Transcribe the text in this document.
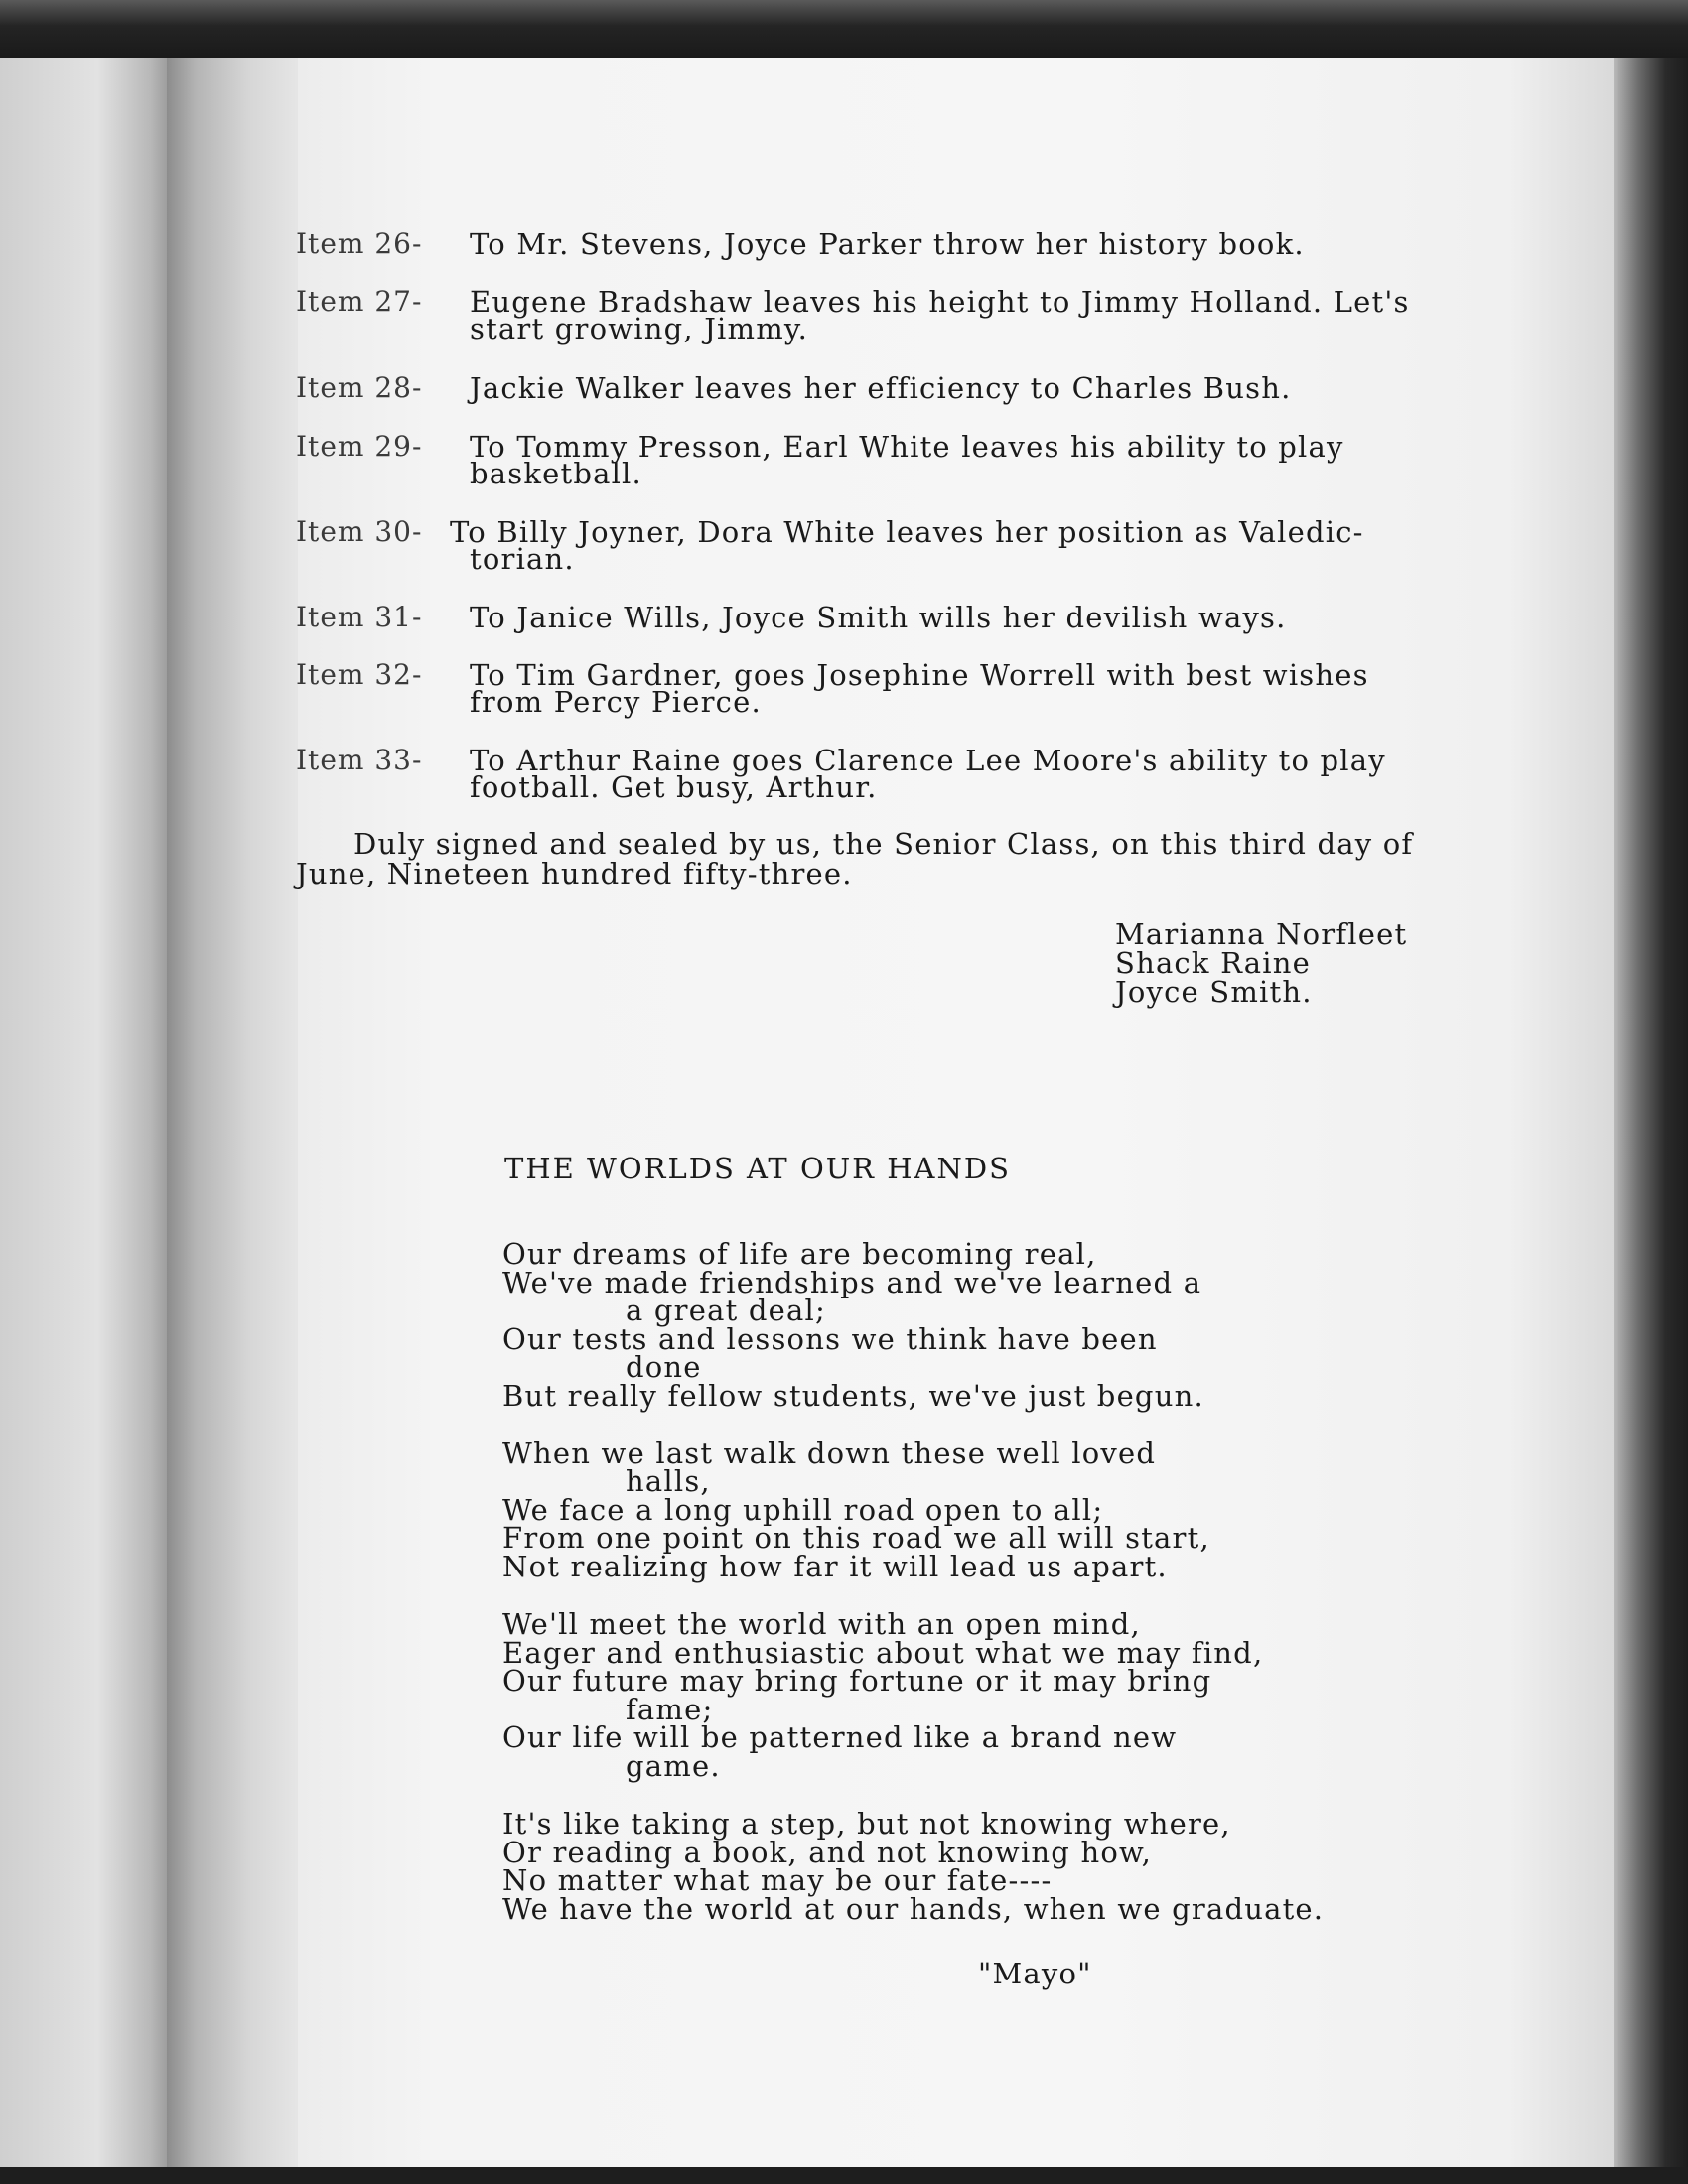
Item 26- To Mr. Stevens, Joyce Parker throw her history book.
Item 27- Eugene Bradshaw leaves his height to Jimmy Holland. Let's
start growing, Jimmy.
Item 28- Jackie Walker leaves her efficiency to Charles Bush.
Item 29- To Tommy Presson, Earl White leaves his ability to play
basketball.
Item 30- To Billy Joyner, Dora White leaves her position as Valedic-
torian.
Item 31- To Janice Wills, Joyce Smith wills her devilish ways.
Item 32- To Tim Gardner, goes Josephine Worrell with best wishes
from Percy Pierce.
Item 33- To Arthur Raine goes Clarence Lee Moore's ability to play
football. Get busy, Arthur.
Duly signed and sealed by us, the Senior Class, on this third day of
June, Nineteen hundred fifty-three.
Marianna Norfleet
Shack Raine
Joyce Smith.
THE WORLDS AT OUR HANDS
Our dreams of life are becoming real,
We've made friendships and we've learned a
a great deal;
Our tests and lessons we think have been
done
But really fellow students, we've just begun.
When we last walk down these well loved
halls,
We face a long uphill road open to all;
From one point on this road we all will start,
Not realizing how far it will lead us apart.
We'll meet the world with an open mind,
Eager and enthusiastic about what we may find,
Our future may bring fortune or it may bring
fame;
Our life will be patterned like a brand new
game.
It's like taking a step, but not knowing where,
Or reading a book, and not knowing how,
No matter what may be our fate----
We have the world at our hands, when we graduate.
"Mayo"
